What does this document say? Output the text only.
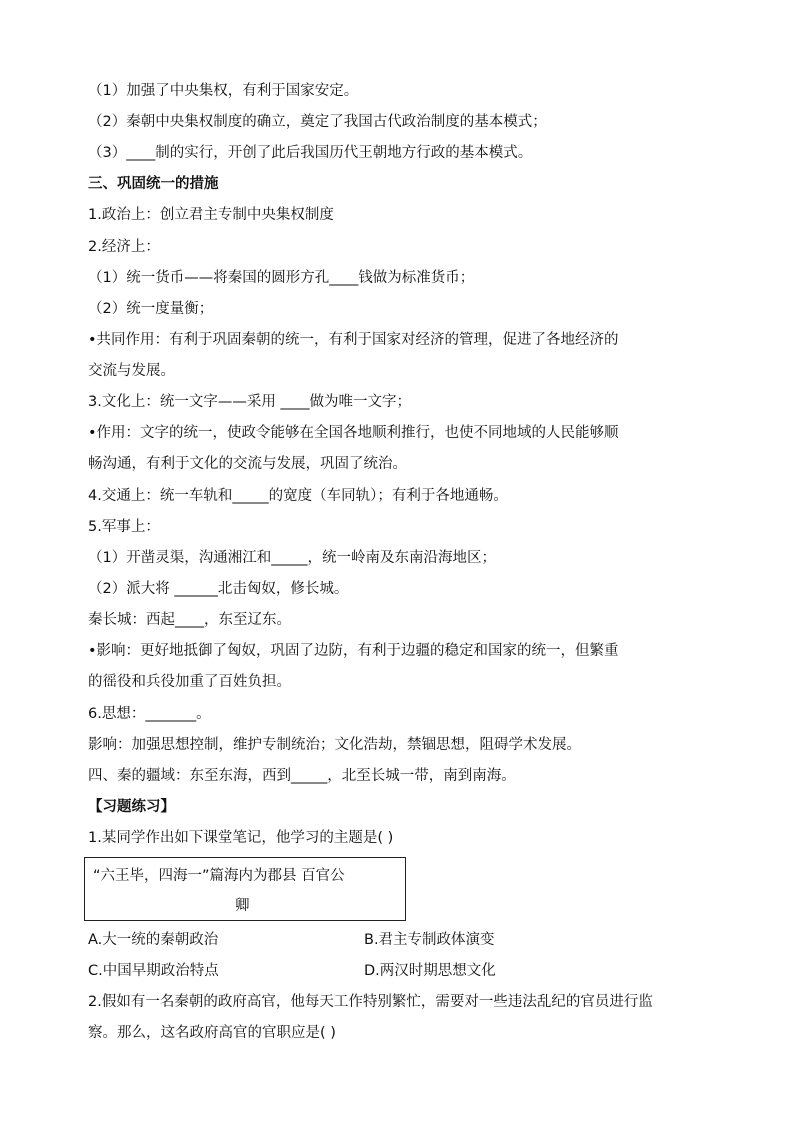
（1）加强了中央集权，有利于国家安定。
（2）秦朝中央集权制度的确立，奠定了我国古代政治制度的基本模式；
（3）____制的实行，开创了此后我国历代王朝地方行政的基本模式。
三、巩固统一的措施
1.政治上：创立君主专制中央集权制度
2.经济上：
（1）统一货币——将秦国的圆形方孔____钱做为标准货币；
（2）统一度量衡；
•共同作用：有利于巩固秦朝的统一，有利于国家对经济的管理，促进了各地经济的
交流与发展。
3.文化上：统一文字——采用 ____做为唯一文字；
•作用：文字的统一，使政令能够在全国各地顺利推行，也使不同地域的人民能够顺
畅沟通，有利于文化的交流与发展，巩固了统治。
4.交通上：统一车轨和_____的宽度（车同轨）；有利于各地通畅。
5.军事上：
（1）开凿灵渠，沟通湘江和_____，统一岭南及东南沿海地区；
（2）派大将 ______北击匈奴，修长城。
秦长城：西起____，东至辽东。
•影响：更好地抵御了匈奴，巩固了边防，有利于边疆的稳定和国家的统一，但繁重
的徭役和兵役加重了百姓负担。
6.思想：_______。
影响：加强思想控制，维护专制统治；文化浩劫，禁锢思想，阻碍学术发展。
四、秦的疆域：东至东海，西到_____，北至长城一带，南到南海。
【习题练习】
1.某同学作出如下课堂笔记，他学习的主题是( )
“六王毕，四海一”篇海内为郡县 百官公
卿
A.大一统的秦朝政治	B.君主专制政体演变
C.中国早期政治特点	D.两汉时期思想文化
2.假如有一名秦朝的政府高官，他每天工作特别繁忙，需要对一些违法乱纪的官员进行监
察。那么，这名政府高官的官职应是( )
